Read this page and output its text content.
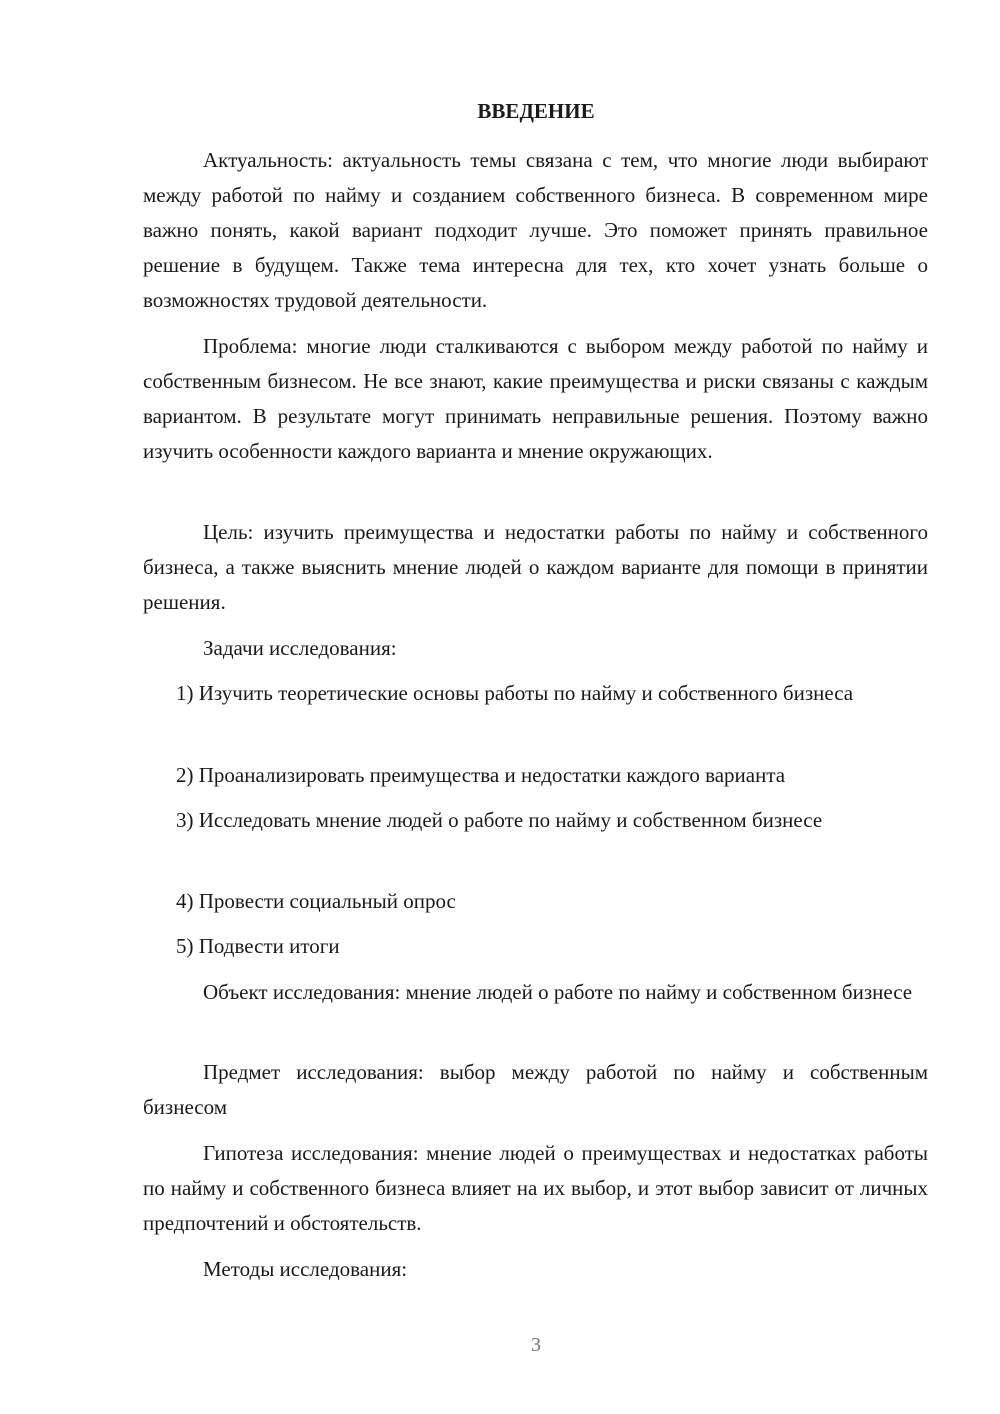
ВВЕДЕНИЕ

Актуальность: актуальность темы связана с тем, что многие люди выбирают между работой по найму и созданием собственного бизнеса. В современном мире важно понять, какой вариант подходит лучше. Это поможет принять правильное решение в будущем. Также тема интересна для тех, кто хочет узнать больше о возможностях трудовой деятельности.

Проблема: многие люди сталкиваются с выбором между работой по найму и собственным бизнесом. Не все знают, какие преимущества и риски связаны с каждым вариантом. В результате могут принимать неправильные решения. Поэтому важно изучить особенности каждого варианта и мнение окружающих.

Цель: изучить преимущества и недостатки работы по найму и собственного бизнеса, а также выяснить мнение людей о каждом варианте для помощи в принятии решения.

Задачи исследования:

1) Изучить теоретические основы работы по найму и собственного бизнеса

2) Проанализировать преимущества и недостатки каждого варианта

3) Исследовать мнение людей о работе по найму и собственном бизнесе

4) Провести социальный опрос

5) Подвести итоги

Объект исследования: мнение людей о работе по найму и собственном бизнесе

Предмет исследования: выбор между работой по найму и собственным бизнесом

Гипотеза исследования: мнение людей о преимуществах и недостатках работы по найму и собственного бизнеса влияет на их выбор, и этот выбор зависит от личных предпочтений и обстоятельств.

Методы исследования:

3
